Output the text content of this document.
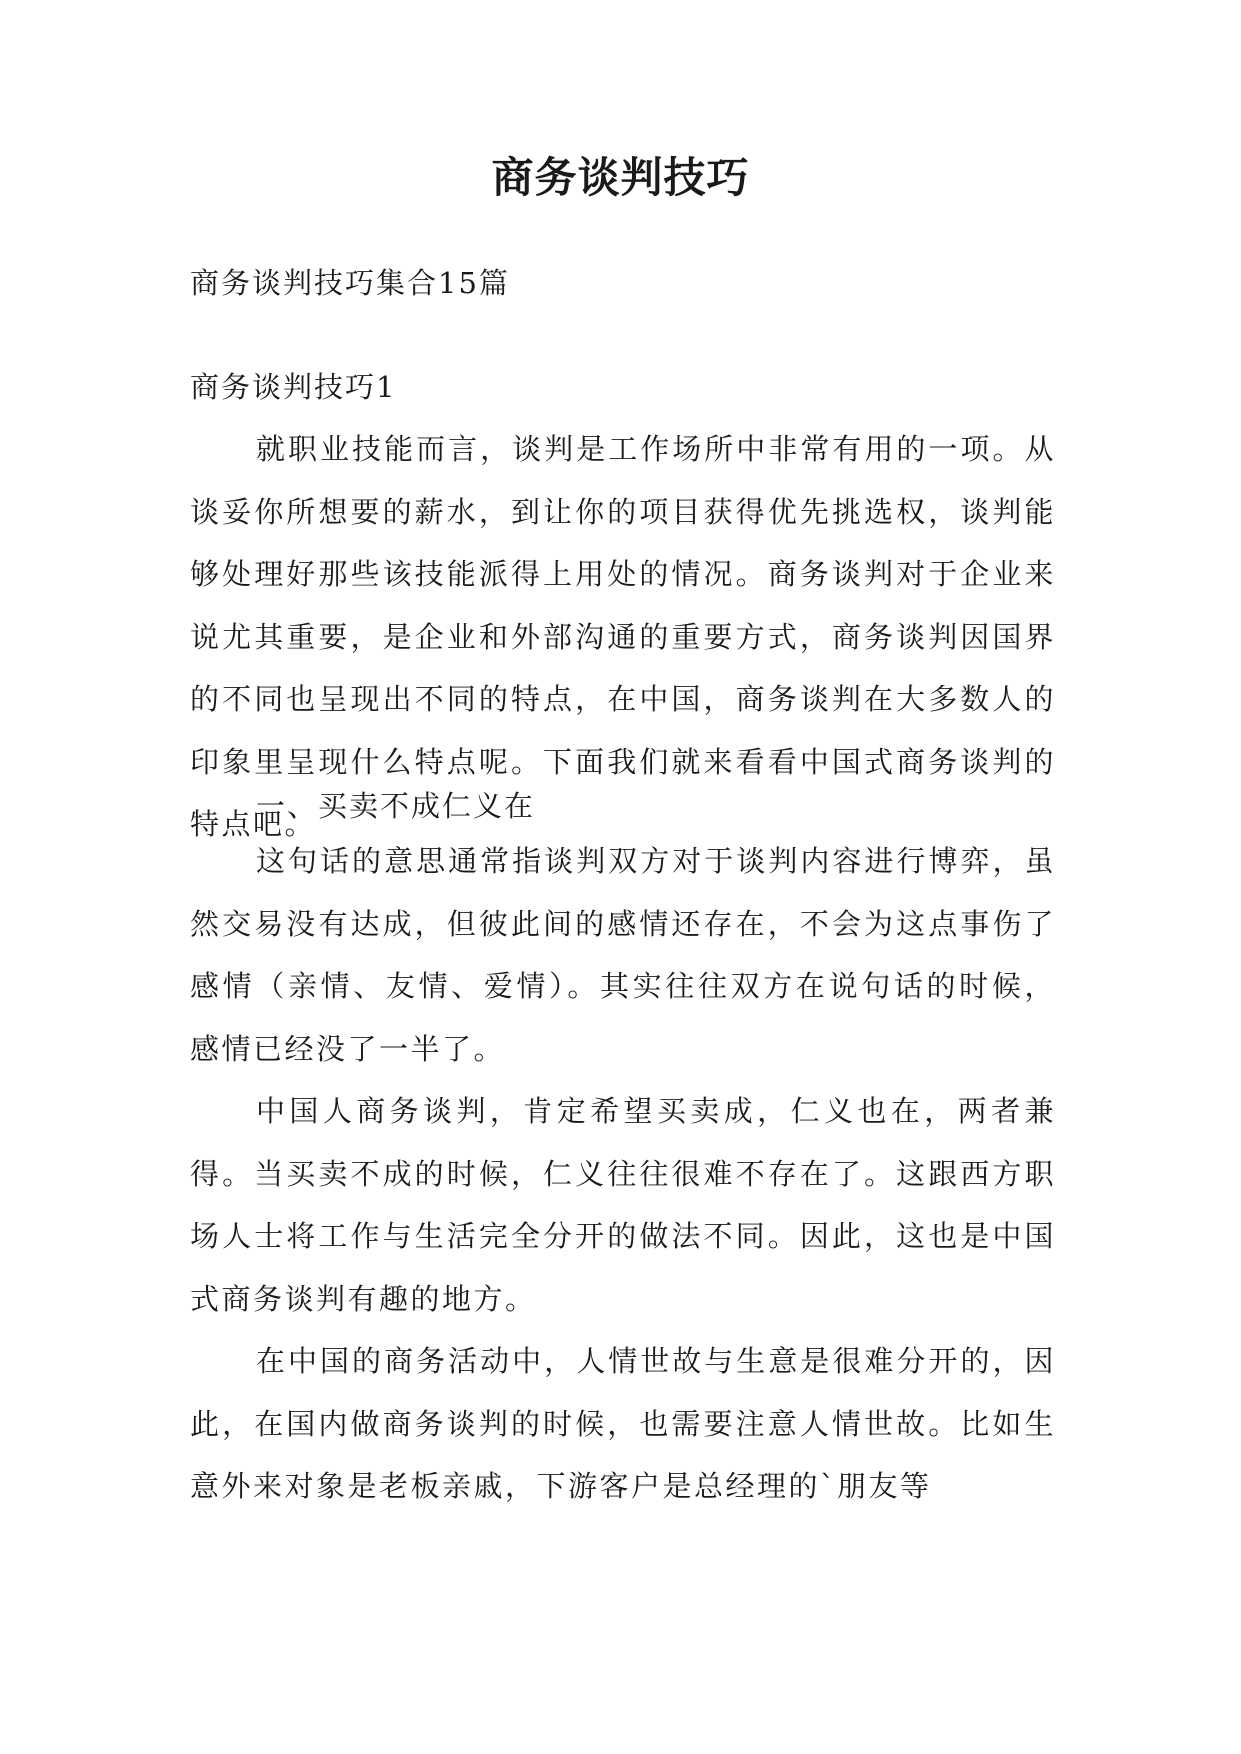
商务谈判技巧

商务谈判技巧集合15篇

商务谈判技巧1

就职业技能而言，谈判是工作场所中非常有用的一项。从谈妥你所想要的薪水，到让你的项目获得优先挑选权，谈判能够处理好那些该技能派得上用处的情况。商务谈判对于企业来说尤其重要，是企业和外部沟通的重要方式，商务谈判因国界的不同也呈现出不同的特点，在中国，商务谈判在大多数人的印象里呈现什么特点呢。下面我们就来看看中国式商务谈判的特点吧。

一、买卖不成仁义在

这句话的意思通常指谈判双方对于谈判内容进行博弈，虽然交易没有达成，但彼此间的感情还存在，不会为这点事伤了感情（亲情、友情、爱情）。其实往往双方在说句话的时候，感情已经没了一半了。

中国人商务谈判，肯定希望买卖成，仁义也在，两者兼得。当买卖不成的时候，仁义往往很难不存在了。这跟西方职场人士将工作与生活完全分开的做法不同。因此，这也是中国式商务谈判有趣的地方。

在中国的商务活动中，人情世故与生意是很难分开的，因此，在国内做商务谈判的时候，也需要注意人情世故。比如生意外来对象是老板亲戚，下游客户是总经理的`朋友等
